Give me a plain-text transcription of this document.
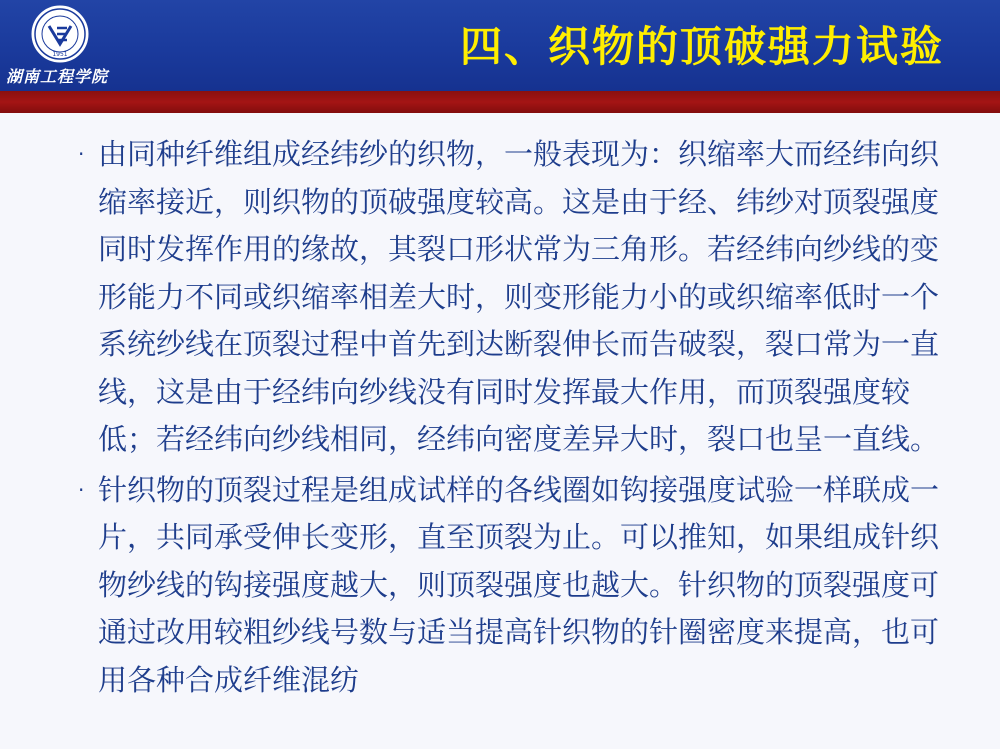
1951
湖南工程学院
四、织物的顶破强力试验

· 由同种纤维组成经纬纱的织物，一般表现为：织缩率大而经纬向织缩率接近，则织物的顶破强度较高。这是由于经、纬纱对顶裂强度同时发挥作用的缘故，其裂口形状常为三角形。若经纬向纱线的变形能力不同或织缩率相差大时，则变形能力小的或织缩率低时一个系统纱线在顶裂过程中首先到达断裂伸长而告破裂，裂口常为一直线，这是由于经纬向纱线没有同时发挥最大作用，而顶裂强度较低；若经纬向纱线相同，经纬向密度差异大时，裂口也呈一直线。

· 针织物的顶裂过程是组成试样的各线圈如钩接强度试验一样联成一片，共同承受伸长变形，直至顶裂为止。可以推知，如果组成针织物纱线的钩接强度越大，则顶裂强度也越大。针织物的顶裂强度可通过改用较粗纱线号数与适当提高针织物的针圈密度来提高，也可用各种合成纤维混纺
